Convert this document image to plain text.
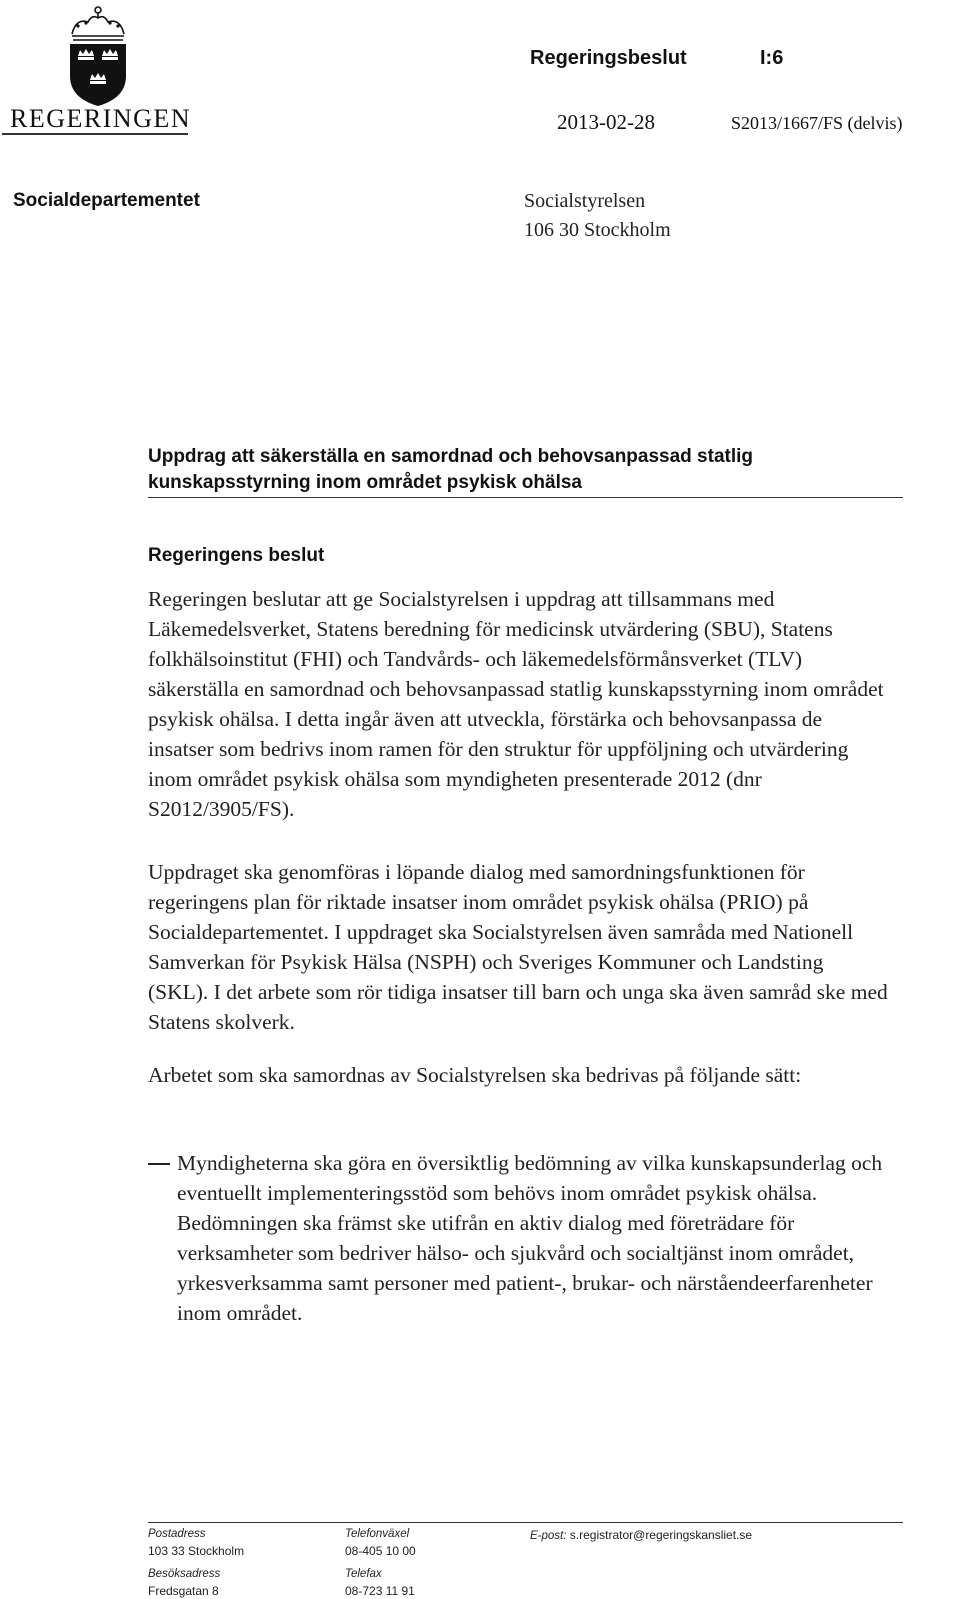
REGERINGEN
Regeringsbeslut	I:6
2013-02-28	S2013/1667/FS (delvis)
Socialdepartementet	Socialstyrelsen
106 30 Stockholm
Uppdrag att säkerställa en samordnad och behovsanpassad statlig kunskapsstyrning inom området psykisk ohälsa
Regeringens beslut
Regeringen beslutar att ge Socialstyrelsen i uppdrag att tillsammans med Läkemedelsverket, Statens beredning för medicinsk utvärdering (SBU), Statens folkhälsoinstitut (FHI) och Tandvårds- och läkemedelsförmånsverket (TLV) säkerställa en samordnad och behovsanpassad statlig kunskapsstyrning inom området psykisk ohälsa. I detta ingår även att utveckla, förstärka och behovsanpassa de insatser som bedrivs inom ramen för den struktur för uppföljning och utvärdering inom området psykisk ohälsa som myndigheten presenterade 2012 (dnr S2012/3905/FS).
Uppdraget ska genomföras i löpande dialog med samordningsfunktionen för regeringens plan för riktade insatser inom området psykisk ohälsa (PRIO) på Socialdepartementet. I uppdraget ska Socialstyrelsen även samråda med Nationell Samverkan för Psykisk Hälsa (NSPH) och Sveriges Kommuner och Landsting (SKL). I det arbete som rör tidiga insatser till barn och unga ska även samråd ske med Statens skolverk.
Arbetet som ska samordnas av Socialstyrelsen ska bedrivas på följande sätt:
Myndigheterna ska göra en översiktlig bedömning av vilka kunskapsunderlag och eventuellt implementeringsstöd som behövs inom området psykisk ohälsa. Bedömningen ska främst ske utifrån en aktiv dialog med företrädare för verksamheter som bedriver hälso- och sjukvård och socialtjänst inom området, yrkesverksamma samt personer med patient-, brukar- och närståendeerfarenheter inom området.
Postadress
103 33 Stockholm
Besöksadress
Fredsgatan 8
Telefonväxel
08-405 10 00
Telefax
08-723 11 91
E-post: s.registrator@regeringskansliet.se
